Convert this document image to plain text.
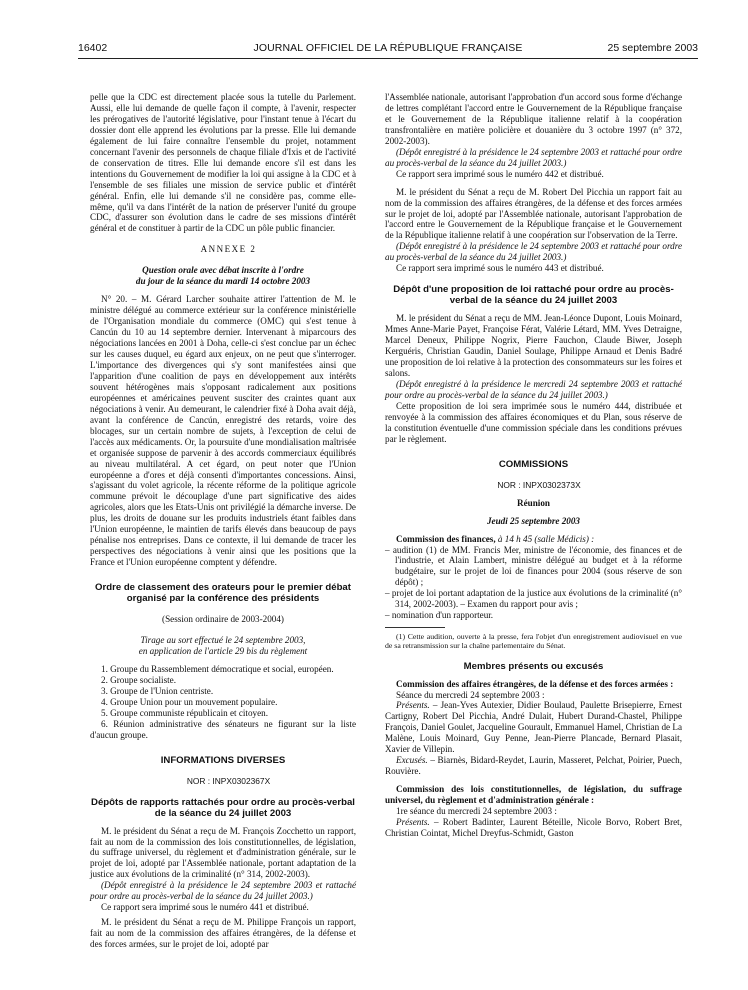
16402	JOURNAL OFFICIEL DE LA RÉPUBLIQUE FRANÇAISE	25 septembre 2003

pelle que la CDC est directement placée sous la tutelle du Parlement. Aussi, elle lui demande de quelle façon il compte, à l'avenir, respecter les prérogatives de l'autorité législative, pour l'instant tenue à l'écart du dossier dont elle apprend les évolutions par la presse. Elle lui demande également de lui faire connaître l'ensemble du projet, notamment concernant l'avenir des personnels de chaque filiale d'Ixis et de l'activité de conservation de titres. Elle lui demande encore s'il est dans les intentions du Gouvernement de modifier la loi qui assigne à la CDC et à l'ensemble de ses filiales une mission de service public et d'intérêt général. Enfin, elle lui demande s'il ne considère pas, comme elle-même, qu'il va dans l'intérêt de la nation de préserver l'unité du groupe CDC, d'assurer son évolution dans le cadre de ses missions d'intérêt général et de constituer à partir de la CDC un pôle public financier.

ANNEXE 2

Question orale avec débat inscrite à l'ordre

du jour de la séance du mardi 14 octobre 2003

N° 20. – M. Gérard Larcher souhaite attirer l'attention de M. le ministre délégué au commerce extérieur sur la conférence ministérielle de l'Organisation mondiale du commerce (OMC) qui s'est tenue à Cancún du 10 au 14 septembre dernier. Intervenant à miparcours des négociations lancées en 2001 à Doha, celle-ci s'est conclue par un échec sur les causes duquel, eu égard aux enjeux, on ne peut que s'interroger. L'importance des divergences qui s'y sont manifestées ainsi que l'apparition d'une coalition de pays en développement aux intérêts souvent hétérogènes mais s'opposant radicalement aux positions européennes et américaines peuvent susciter des craintes quant aux négociations à venir. Au demeurant, le calendrier fixé à Doha avait déjà, avant la conférence de Cancún, enregistré des retards, voire des blocages, sur un certain nombre de sujets, à l'exception de celui de l'accès aux médicaments. Or, la poursuite d'une mondialisation maîtrisée et organisée suppose de parvenir à des accords commerciaux équilibrés au niveau multilatéral. A cet égard, on peut noter que l'Union européenne a d'ores et déjà consenti d'importantes concessions. Ainsi, s'agissant du volet agricole, la récente réforme de la politique agricole commune prévoit le découplage d'une part significative des aides agricoles, alors que les Etats-Unis ont privilégié la démarche inverse. De plus, les droits de douane sur les produits industriels étant faibles dans l'Union européenne, le maintien de tarifs élevés dans beaucoup de pays pénalise nos entreprises. Dans ce contexte, il lui demande de tracer les perspectives des négociations à venir ainsi que les positions que la France et l'Union européenne comptent y défendre.

Ordre de classement des orateurs pour le premier débat organisé par la conférence des présidents

(Session ordinaire de 2003-2004)

Tirage au sort effectué le 24 septembre 2003,

en application de l'article 29 bis du règlement

1. Groupe du Rassemblement démocratique et social, européen.

2. Groupe socialiste.

3. Groupe de l'Union centriste.

4. Groupe Union pour un mouvement populaire.

5. Groupe communiste républicain et citoyen.

6. Réunion administrative des sénateurs ne figurant sur la liste d'aucun groupe.

INFORMATIONS DIVERSES

NOR : INPX0302367X

Dépôts de rapports rattachés pour ordre au procès-verbal de la séance du 24 juillet 2003

M. le président du Sénat a reçu de M. François Zocchetto un rapport, fait au nom de la commission des lois constitutionnelles, de législation, du suffrage universel, du règlement et d'administration générale, sur le projet de loi, adopté par l'Assemblée nationale, portant adaptation de la justice aux évolutions de la criminalité (n° 314, 2002-2003).

(Dépôt enregistré à la présidence le 24 septembre 2003 et rattaché pour ordre au procès-verbal de la séance du 24 juillet 2003.)

Ce rapport sera imprimé sous le numéro 441 et distribué.

M. le président du Sénat a reçu de M. Philippe François un rapport, fait au nom de la commission des affaires étrangères, de la défense et des forces armées, sur le projet de loi, adopté par

l'Assemblée nationale, autorisant l'approbation d'un accord sous forme d'échange de lettres complétant l'accord entre le Gouvernement de la République française et le Gouvernement de la République italienne relatif à la coopération transfrontalière en matière policière et douanière du 3 octobre 1997 (n° 372, 2002-2003).

(Dépôt enregistré à la présidence le 24 septembre 2003 et rattaché pour ordre au procès-verbal de la séance du 24 juillet 2003.)

Ce rapport sera imprimé sous le numéro 442 et distribué.

M. le président du Sénat a reçu de M. Robert Del Picchia un rapport fait au nom de la commission des affaires étrangères, de la défense et des forces armées sur le projet de loi, adopté par l'Assemblée nationale, autorisant l'approbation de l'accord entre le Gouvernement de la République française et le Gouvernement de la République italienne relatif à une coopération sur l'observation de la Terre.

(Dépôt enregistré à la présidence le 24 septembre 2003 et rattaché pour ordre au procès-verbal de la séance du 24 juillet 2003.)

Ce rapport sera imprimé sous le numéro 443 et distribué.

Dépôt d'une proposition de loi rattaché pour ordre au procès-verbal de la séance du 24 juillet 2003

M. le président du Sénat a reçu de MM. Jean-Léonce Dupont, Louis Moinard, Mmes Anne-Marie Payet, Françoise Férat, Valérie Létard, MM. Yves Detraigne, Marcel Deneux, Philippe Nogrix, Pierre Fauchon, Claude Biwer, Joseph Kerguéris, Christian Gaudin, Daniel Soulage, Philippe Arnaud et Denis Badré une proposition de loi relative à la protection des consommateurs sur les foires et salons.

(Dépôt enregistré à la présidence le mercredi 24 septembre 2003 et rattaché pour ordre au procès-verbal de la séance du 24 juillet 2003.)

Cette proposition de loi sera imprimée sous le numéro 444, distribuée et renvoyée à la commission des affaires économiques et du Plan, sous réserve de la constitution éventuelle d'une commission spéciale dans les conditions prévues par le règlement.

COMMISSIONS

NOR : INPX0302373X

Réunion

Jeudi 25 septembre 2003

Commission des finances, à 14 h 45 (salle Médicis) :

– audition (1) de MM. Francis Mer, ministre de l'économie, des finances et de l'industrie, et Alain Lambert, ministre délégué au budget et à la réforme budgétaire, sur le projet de loi de finances pour 2004 (sous réserve de son dépôt) ;

– projet de loi portant adaptation de la justice aux évolutions de la criminalité (n° 314, 2002-2003). – Examen du rapport pour avis ;

– nomination d'un rapporteur.

(1) Cette audition, ouverte à la presse, fera l'objet d'un enregistrement audiovisuel en vue de sa retransmission sur la chaîne parlementaire du Sénat.

Membres présents ou excusés

Commission des affaires étrangères, de la défense et des forces armées :

Séance du mercredi 24 septembre 2003 :

Présents. – Jean-Yves Autexier, Didier Boulaud, Paulette Brisepierre, Ernest Cartigny, Robert Del Picchia, André Dulait, Hubert Durand-Chastel, Philippe François, Daniel Goulet, Jacqueline Gourault, Emmanuel Hamel, Christian de La Malène, Louis Moinard, Guy Penne, Jean-Pierre Plancade, Bernard Plasait, Xavier de Villepin.

Excusés. – Biarnès, Bidard-Reydet, Laurin, Masseret, Pelchat, Poirier, Puech, Rouvière.

Commission des lois constitutionnelles, de législation, du suffrage universel, du règlement et d'administration générale :

1re séance du mercredi 24 septembre 2003 :

Présents. – Robert Badinter, Laurent Béteille, Nicole Borvo, Robert Bret, Christian Cointat, Michel Dreyfus-Schmidt, Gaston
